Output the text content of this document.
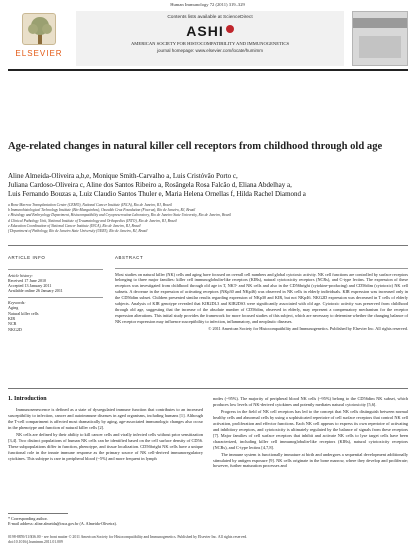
Human Immunology 72 (2011) 319–329
ELSEVIER
Contents lists available at ScienceDirect
ASHI
AMERICAN SOCIETY FOR HISTOCOMPATIBILITY AND IMMUNOGENETICS
journal homepage: www.elsevier.com/locate/humimm
Age-related changes in natural killer cell receptors from childhood through old age
Aline Almeida-Oliveira a,b,e, Monique Smith-Carvalho a, Luis Cristóvão Porto c,
Juliana Cardoso-Oliveira c, Aline dos Santos Ribeiro a, Rosângela Rosa Falcão d, Eliana Abdelhay a,
Luis Fernando Bouzas a, Luiz Claudio Santos Thuler e, Maria Helena Ornellas f, Hilda Rachel Diamond a
a Bone Marrow Transplantation Center (CEMO), National Cancer Institute (INCA), Rio de Janeiro, RJ, Brazil
b Immunohistological Technology Institute (Bio-Manguinhos), Oswaldo Cruz Foundation (Fiocruz), Rio de Janeiro, RJ, Brazil
c Histology and Embryology Department, Histocompatibility and Cryopreservation Laboratory, Rio de Janeiro State University, Rio de Janeiro, Brazil
d Clinical Pathology Unit, National Institute of Traumatology and Orthopedics (INTO), Rio de Janeiro, RJ, Brazil
e Education Coordination of National Cancer Institute (INCA), Rio de Janeiro, RJ, Brazil
f Department of Pathology, Rio de Janeiro State University (UERJ), Rio de Janeiro, RJ, Brazil
ARTICLE INFO	ABSTRACT
Article history:
Received 17 June 2010
Accepted 13 January 2011
Available online 26 January 2011
Keywords:
Aging
Natural killer cells
KIR
NCR
NKG2D

Most studies on natural killer (NK) cells and aging have focused on overall cell numbers and global cytotoxic activity. NK cell functions are controlled by surface receptors belonging to three major families: killer cell immunoglobulin-like receptors (KIRs), natural cytotoxicity receptors (NCRs), and C-type lectins. The expression of these receptors was investigated from childhood through old age in T, NKT- and NK cells and also in the CD56bright (cytokine-producing) and CD56dim (cytotoxic) NK cell subsets. A decrease in the expression of activating receptors (NKp30 and NKp46) was observed in NK cells in elderly individuals. KIR expression was increased only in the CD56dim subset. Children presented similar results regarding expression of NKp30 and KIR, but not NKp46. NKG2D expression was decreased in T cells of elderly subjects. Analysis of KIR genotype revealed that KIR2DL3 and KIR2DS3 were significantly associated with old age. Cytotoxic activity was preserved from childhood through old age, suggesting that the increase of the absolute number of CD56dim, observed in elderly, may represent a compensatory mechanism for the receptor expression alterations. This initial study provides the framework for more focused studies of this subject, which are necessary to determine whether the changing balance of NK receptor expression may influence susceptibility to infection, inflammatory, and neoplastic diseases.

© 2011 American Society for Histocompatibility and Immunogenetics. Published by Elsevier Inc. All rights reserved.

1. Introduction

Immunosenescence is defined as a state of dysregulated immune function that contributes to an increased susceptibility to infection, cancer and autoimmune diseases in aged organisms, including humans [1]. Although the T-cell compartment is affected most dramatically by aging, age-associated immunologic changes also occur in the phenotype and function of natural killer cells [2].

NK cells are defined by their ability to kill cancer cells and virally infected cells without prior sensitization [3,4]. Two distinct populations of human NK cells can be identified based on the cell surface density of CD56. These subpopulations differ in function, phenotype, and tissue localization. CD56bright NK cells have a unique functional role in the innate immune response as the primary source of NK cell-derived immunoregulatory cytokines. This subtype is rare in peripheral blood (~5%) and more frequent in lymph

nodes (~95%). The majority of peripheral blood NK cells (~95%) belong to the CD56dim NK subset, which produces low levels of NK-derived cytokines and potently mediates natural cytotoxicity [5,6].

Progress in the field of NK cell receptors has led to the concept that NK cells distinguish between normal healthy cells and abnormal cells by using a sophisticated repertoire of cell surface receptors that control NK cell activation, proliferation and effector functions. Each NK cell appears to express its own repertoire of activating and inhibitory receptors, and cytotoxicity is ultimately regulated by the balance of signals from these receptors [7]. Major families of cell surface receptors that inhibit and activate NK cells to lyse target cells have been characterized, including killer cell immunoglobulin-like receptors (KIRs), natural cytotoxicity receptors (NCRs), and C-type lectins [4,7,8].

The immune system is functionally immature at birth and undergoes a sequential development additionally stimulated by antigen exposure [9]. NK cells originate in the bone marrow, where they develop and proliferate; however, further maturation processes and

* Corresponding author.
E-mail address: aline.almeida@inca.gov.br (A. Almeida-Oliveira).
0198-8859/11/$36.00 - see front matter © 2011 American Society for Histocompatibility and Immunogenetics. Published by Elsevier Inc. All rights reserved.
doi:10.1016/j.humimm.2011.01.009
